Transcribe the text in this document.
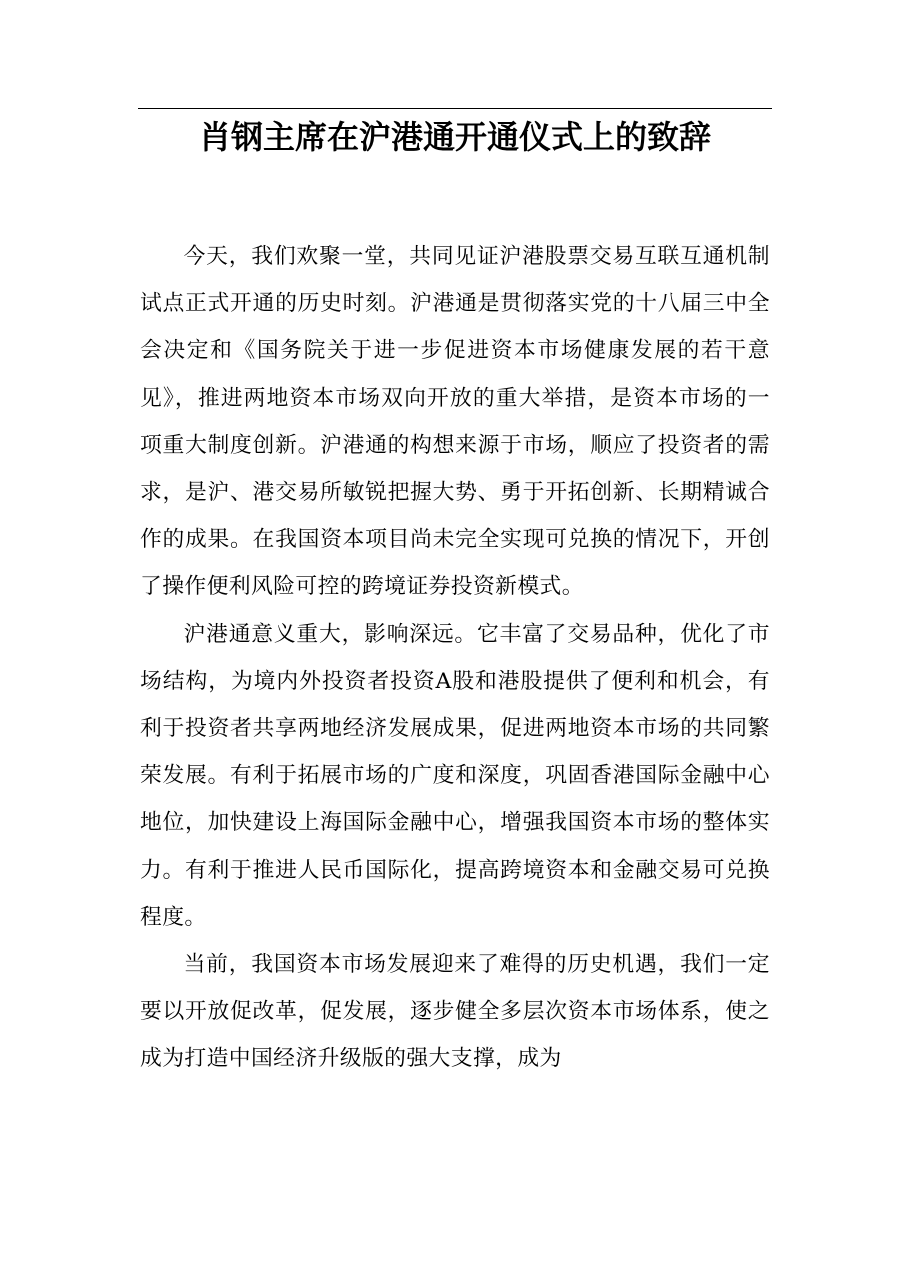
肖钢主席在沪港通开通仪式上的致辞

今天，我们欢聚一堂，共同见证沪港股票交易互联互通机制试点正式开通的历史时刻。沪港通是贯彻落实党的十八届三中全会决定和《国务院关于进一步促进资本市场健康发展的若干意见》，推进两地资本市场双向开放的重大举措，是资本市场的一项重大制度创新。沪港通的构想来源于市场，顺应了投资者的需求，是沪、港交易所敏锐把握大势、勇于开拓创新、长期精诚合作的成果。在我国资本项目尚未完全实现可兑换的情况下，开创了操作便利风险可控的跨境证券投资新模式。

沪港通意义重大，影响深远。它丰富了交易品种，优化了市场结构，为境内外投资者投资A股和港股提供了便利和机会，有利于投资者共享两地经济发展成果，促进两地资本市场的共同繁荣发展。有利于拓展市场的广度和深度，巩固香港国际金融中心地位，加快建设上海国际金融中心，增强我国资本市场的整体实力。有利于推进人民币国际化，提高跨境资本和金融交易可兑换程度。

当前，我国资本市场发展迎来了难得的历史机遇，我们一定要以开放促改革，促发展，逐步健全多层次资本市场体系，使之成为打造中国经济升级版的强大支撑，成为
